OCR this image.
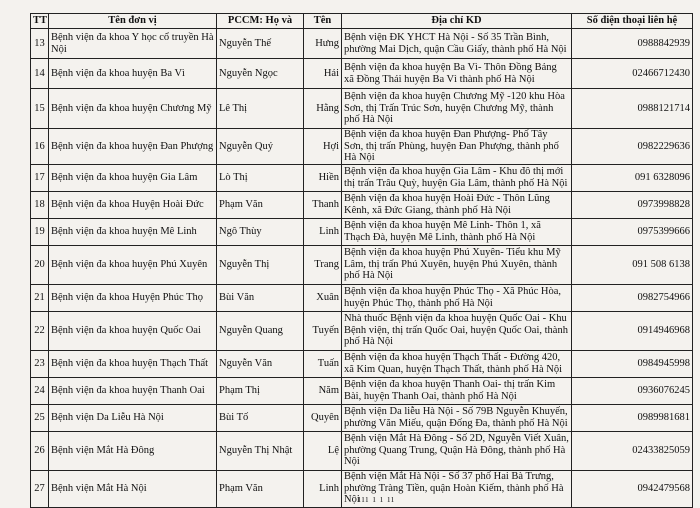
TT	Tên đơn vị	PCCM: Họ và	Tên	Địa chỉ KD	Số điện thoại liên hệ
13	Bệnh viện đa khoa Y học cổ truyền Hà Nội	Nguyễn Thế	Hưng	Bệnh viện ĐK YHCT Hà Nội - Số 35 Trần Bình, phường Mai Dịch, quận Cầu Giấy, thành phố Hà Nội	0988842939
14	Bệnh viện đa khoa huyện Ba Vì	Nguyễn Ngọc	Hải	Bệnh viện đa khoa huyện Ba Vì- Thôn Đồng Bảng xã Đồng Thái huyện Ba Vì thành phố Hà Nội	02466712430
15	Bệnh viện đa khoa huyện Chương Mỹ	Lê Thị	Hằng	Bệnh viện đa khoa huyện Chương Mỹ -120 khu Hòa Sơn, thị Trấn Trúc Sơn, huyện Chương Mỹ, thành phố Hà Nội	0988121714
16	Bệnh viện đa khoa huyện Đan Phượng	Nguyễn Quý	Hợi	Bệnh viện đa khoa huyện Đan Phượng- Phố Tây Sơn, thị trấn Phùng, huyện Đan Phượng, thành phố Hà Nội	0982229636
17	Bệnh viện đa khoa huyện Gia Lâm	Lò Thị	Hiền	Bệnh viện đa khoa huyện Gia Lâm - Khu đô thị mới thị trấn Trâu Quỳ, huyện Gia Lâm, thành phố Hà Nội	091 6328096
18	Bệnh viện đa khoa Huyện Hoài Đức	Phạm Văn	Thanh	Bệnh viện đa khoa huyện Hoài Đức - Thôn Lũng Kênh, xã Đức Giang, thành phố Hà Nội	0973998828
19	Bệnh viện đa khoa huyện Mê Linh	Ngô Thùy	Linh	Bệnh viện đa khoa huyện Mê Linh- Thôn 1, xã Thạch Đà, huyện Mê Linh, thành phố Hà Nội	0975399666
20	Bệnh viện đa khoa huyện Phú Xuyên	Nguyễn Thị	Trang	Bệnh viện đa khoa huyện Phú Xuyên- Tiểu khu Mỹ Lâm, thị trấn Phú Xuyên, huyện Phú Xuyên, thành phố Hà Nội	091 508 6138
21	Bệnh viện đa khoa Huyện Phúc Thọ	Bùi Văn	Xuân	Bệnh viện đa khoa huyện Phúc Thọ - Xã Phúc Hòa, huyện Phúc Thọ, thành phố Hà Nội	0982754966
22	Bệnh viện đa khoa huyện Quốc Oai	Nguyễn Quang	Tuyến	Nhà thuốc Bệnh viện đa khoa huyện Quốc Oai - Khu Bệnh viện, thị trấn Quốc Oai, huyện Quốc Oai, thành phố Hà Nội	0914946968
23	Bệnh viện đa khoa huyện Thạch Thất	Nguyễn Văn	Tuấn	Bệnh viện đa khoa huyện Thạch Thất - Đường 420, xã Kim Quan, huyện Thạch Thất, thành phố Hà Nội	0984945998
24	Bệnh viện đa khoa huyện Thanh Oai	Phạm Thị	Năm	Bệnh viện đa khoa huyện Thanh Oai- thị trấn Kim Bài, huyện Thanh Oai, thành phố Hà Nội	0936076245
25	Bệnh viện Da Liễu Hà Nội	Bùi Tố	Quyên	Bệnh viện Da liễu Hà Nội - Số 79B Nguyễn Khuyến, phường Văn Miếu, quận Đống Đa, thành phố Hà Nội	0989981681
26	Bệnh viện Mắt Hà Đông	Nguyễn Thị Nhật	Lệ	Bệnh viện Mắt Hà Đông - Số 2D, Nguyễn Viết Xuân, phường Quang Trung, Quận Hà Đông, thành phố Hà Nội	02433825059
27	Bệnh viện Mắt Hà Nội	Phạm Văn	Linh	Bệnh viện Mắt Hà Nội - Số 37 phố Hai Bà Trưng, phường Tràng Tiền, quận Hoàn Kiếm, thành phố Hà Nội	0942479568
ııı ı ı ıı
